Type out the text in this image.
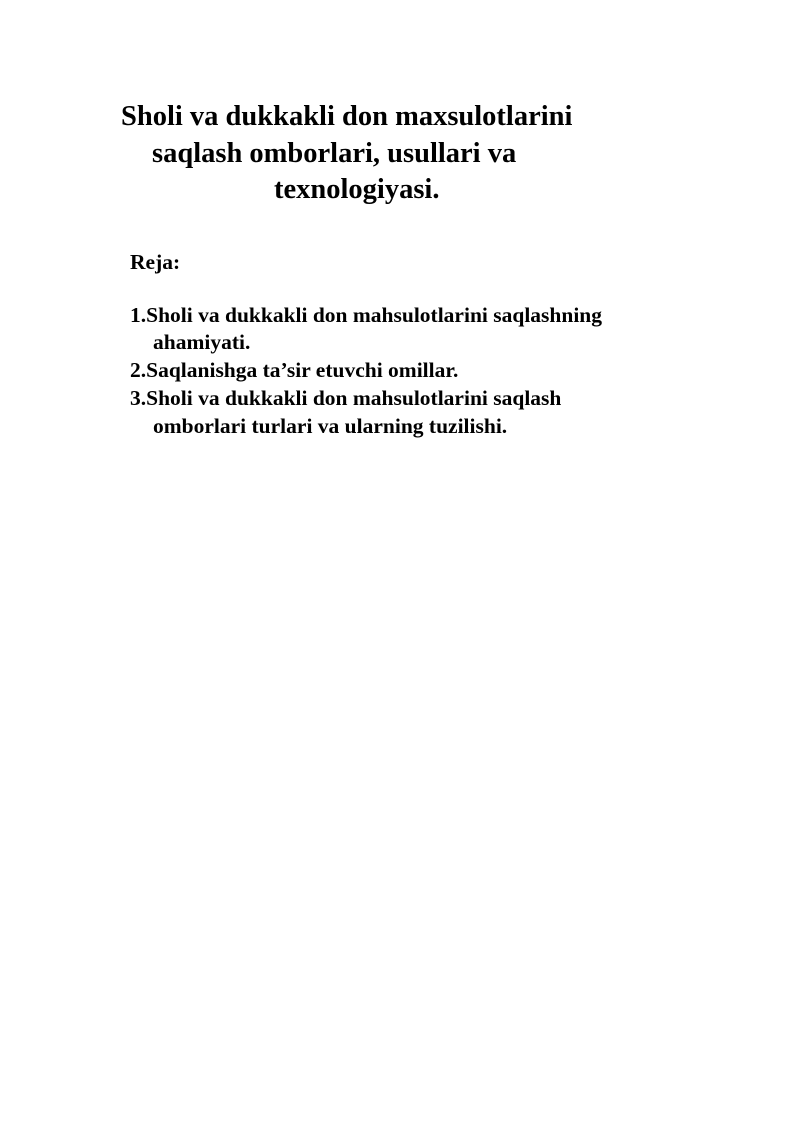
Sholi va dukkakli don maxsulotlarini
saqlash omborlari, usullari va
texnologiyasi.
Reja:
1.Sholi va dukkakli don mahsulotlarini saqlashning
ahamiyati.
2.Saqlanishga ta’sir etuvchi omillar.
3.Sholi va dukkakli don mahsulotlarini saqlash
omborlari turlari va ularning tuzilishi.
